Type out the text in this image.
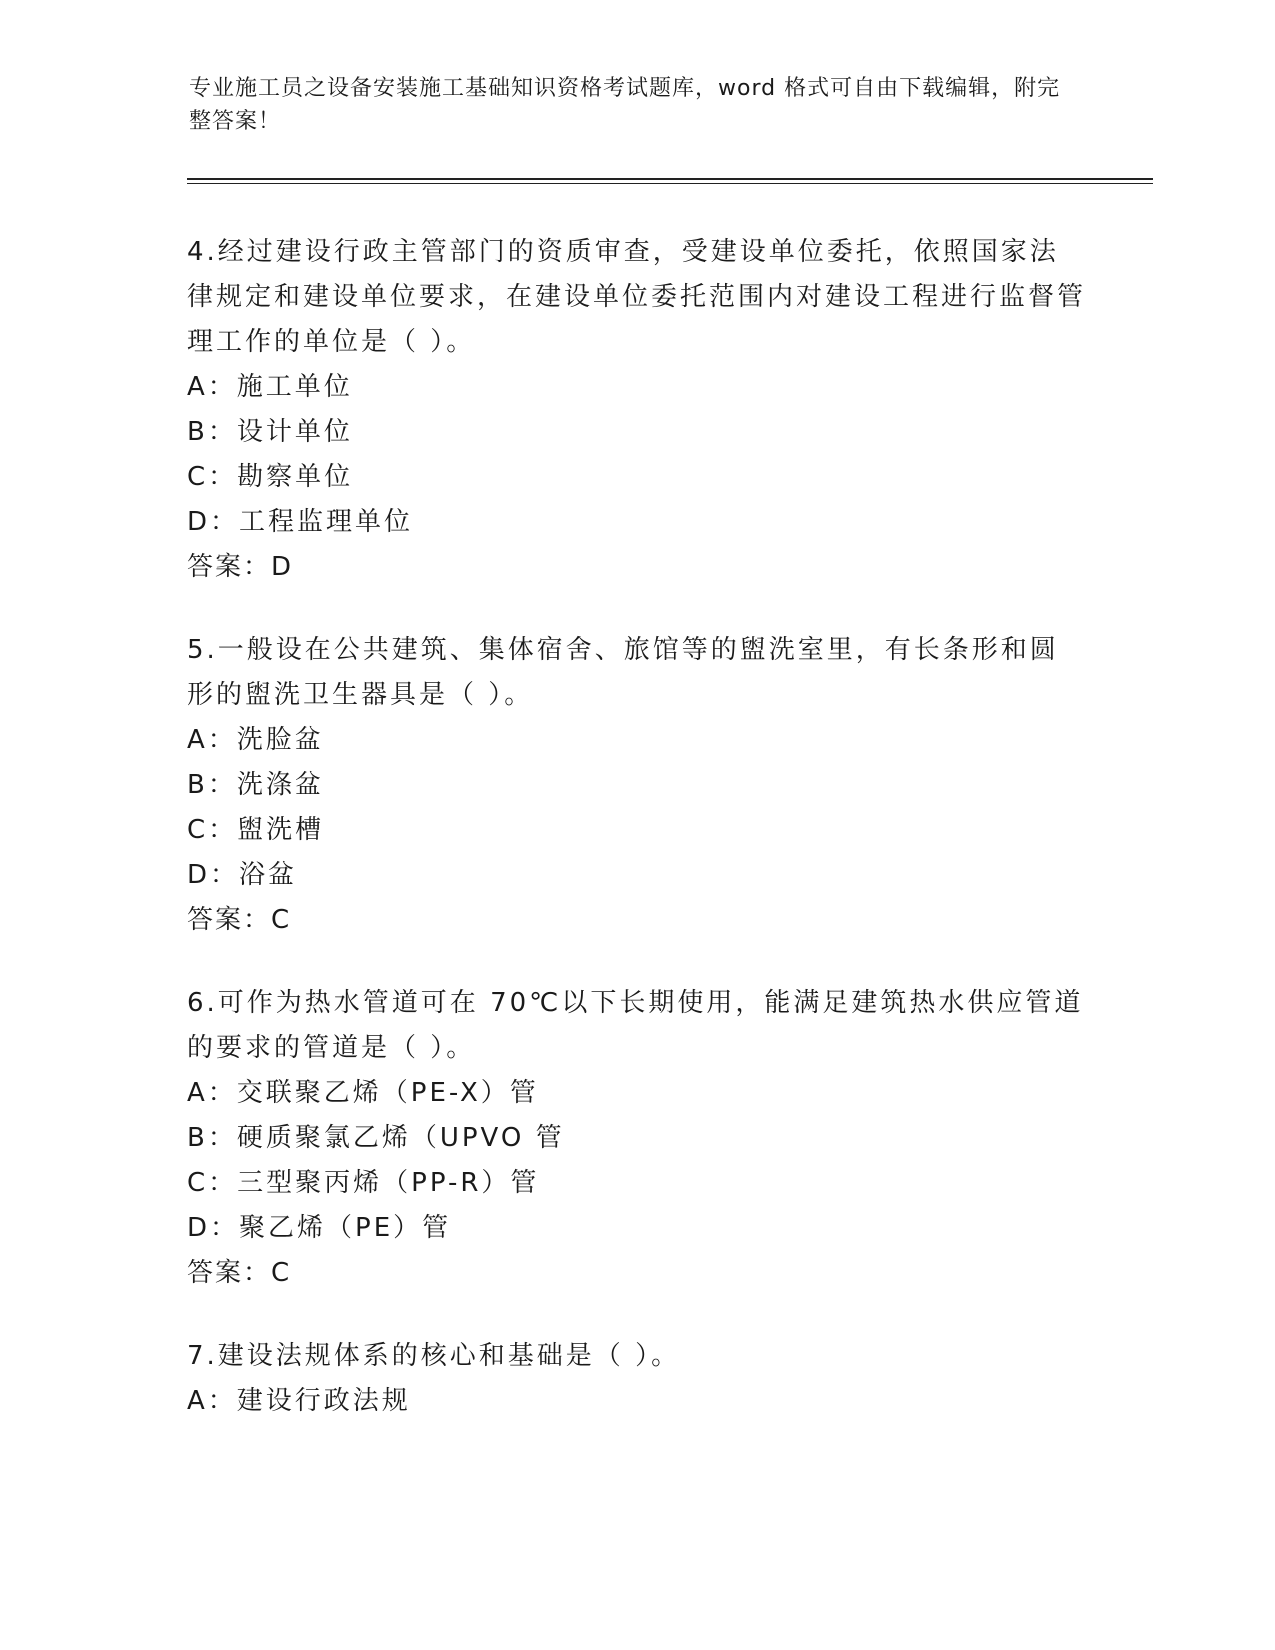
专业施工员之设备安装施工基础知识资格考试题库，word 格式可自由下载编辑，附完整答案！

4.经过建设行政主管部门的资质审查，受建设单位委托，依照国家法律规定和建设单位要求，在建设单位委托范围内对建设工程进行监督管理工作的单位是（ ）。

A：施工单位

B：设计单位

C：勘察单位

D：工程监理单位

答案：D

5.一般设在公共建筑、集体宿舍、旅馆等的盥洗室里，有长条形和圆形的盥洗卫生器具是（ ）。

A：洗脸盆

B：洗涤盆

C：盥洗槽

D：浴盆

答案：C

6.可作为热水管道可在 70℃以下长期使用，能满足建筑热水供应管道的要求的管道是（ ）。

A：交联聚乙烯（PE-X）管

B：硬质聚氯乙烯（UPVO 管

C：三型聚丙烯（PP-R）管

D：聚乙烯（PE）管

答案：C

7.建设法规体系的核心和基础是（ ）。

A：建设行政法规
